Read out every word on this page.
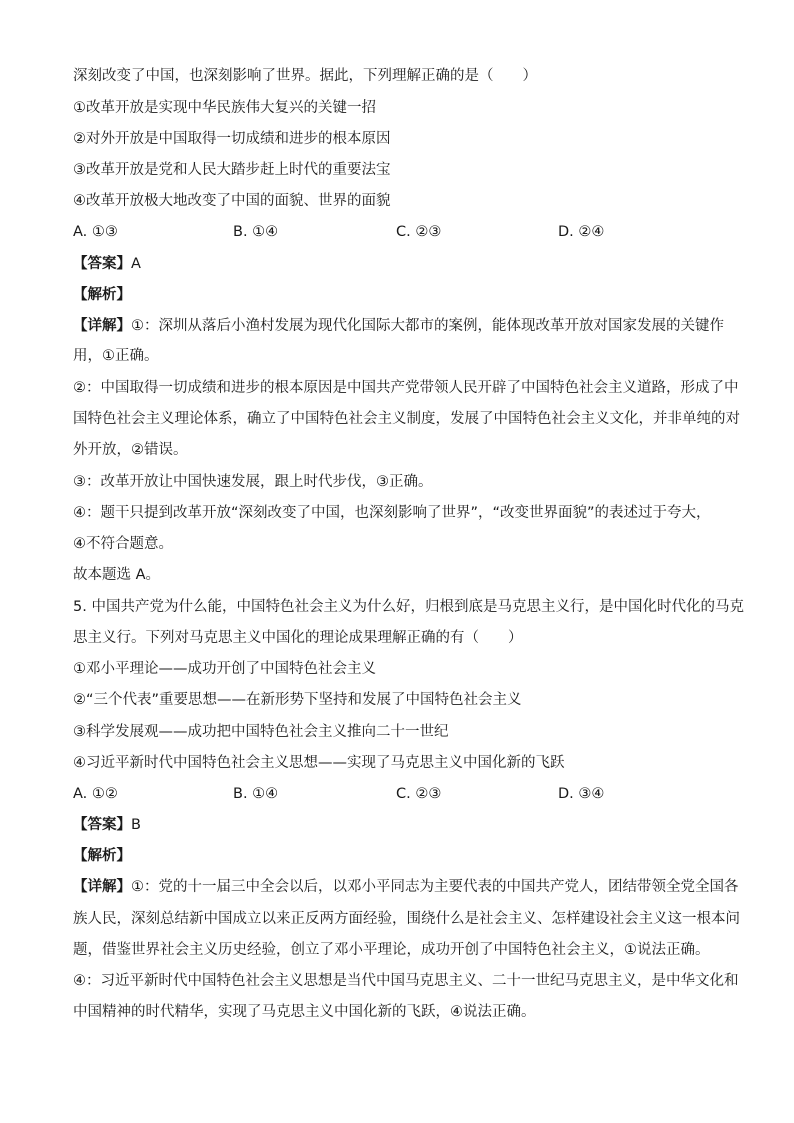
深刻改变了中国，也深刻影响了世界。据此，下列理解正确的是（　　）
①改革开放是实现中华民族伟大复兴的关键一招
②对外开放是中国取得一切成绩和进步的根本原因
③改革开放是党和人民大踏步赶上时代的重要法宝
④改革开放极大地改变了中国的面貌、世界的面貌
A. ①③	B. ①④	C. ②③	D. ②④
【答案】A
【解析】
【详解】①：深圳从落后小渔村发展为现代化国际大都市的案例，能体现改革开放对国家发展的关键作
用，①正确。
②：中国取得一切成绩和进步的根本原因是中国共产党带领人民开辟了中国特色社会主义道路，形成了中
国特色社会主义理论体系，确立了中国特色社会主义制度，发展了中国特色社会主义文化，并非单纯的对
外开放，②错误。
③：改革开放让中国快速发展，跟上时代步伐，③正确。
④：题干只提到改革开放“深刻改变了中国，也深刻影响了世界”，“改变世界面貌”的表述过于夸大，
④不符合题意。
故本题选 A。
5. 中国共产党为什么能，中国特色社会主义为什么好，归根到底是马克思主义行，是中国化时代化的马克
思主义行。下列对马克思主义中国化的理论成果理解正确的有（　　）
①邓小平理论——成功开创了中国特色社会主义
②“三个代表”重要思想——在新形势下坚持和发展了中国特色社会主义
③科学发展观——成功把中国特色社会主义推向二十一世纪
④习近平新时代中国特色社会主义思想——实现了马克思主义中国化新的飞跃
A. ①②	B. ①④	C. ②③	D. ③④
【答案】B
【解析】
【详解】①：党的十一届三中全会以后，以邓小平同志为主要代表的中国共产党人，团结带领全党全国各
族人民，深刻总结新中国成立以来正反两方面经验，围绕什么是社会主义、怎样建设社会主义这一根本问
题，借鉴世界社会主义历史经验，创立了邓小平理论，成功开创了中国特色社会主义，①说法正确。
④：习近平新时代中国特色社会主义思想是当代中国马克思主义、二十一世纪马克思主义，是中华文化和
中国精神的时代精华，实现了马克思主义中国化新的飞跃，④说法正确。
